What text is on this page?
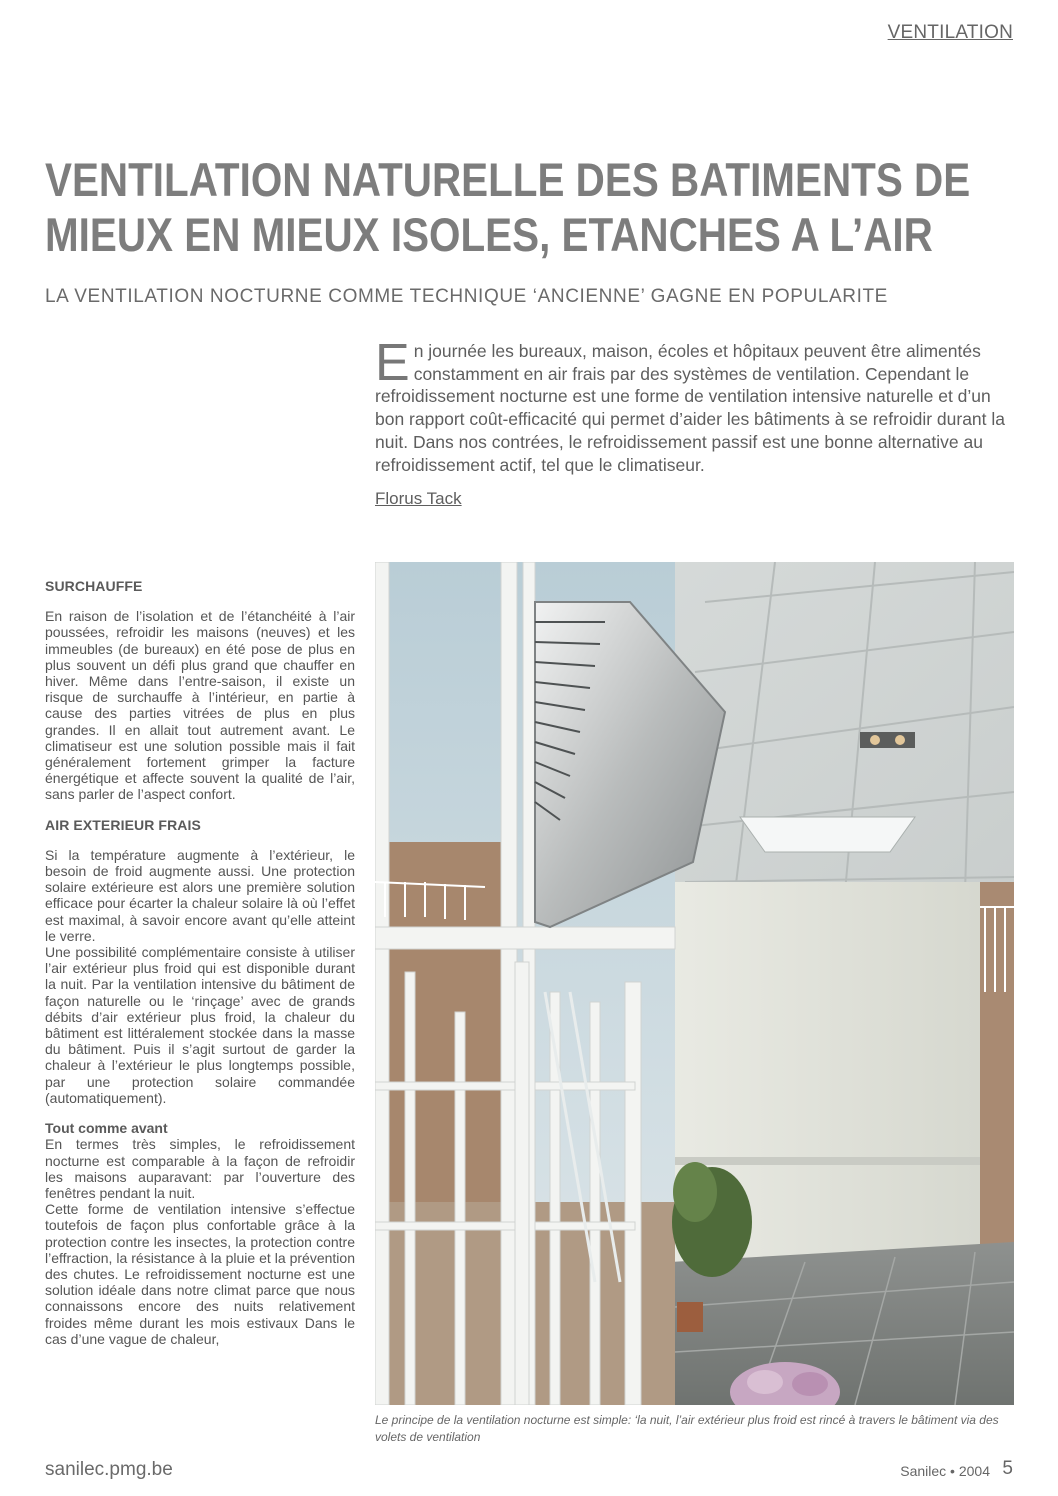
VENTILATION
VENTILATION NATURELLE DES BATIMENTS DE
MIEUX EN MIEUX ISOLES, ETANCHES A L’AIR
LA VENTILATION NOCTURNE COMME TECHNIQUE ‘ANCIENNE’ GAGNE EN POPULARITE
E n journée les bureaux, maison, écoles et hôpitaux peuvent être alimentés constamment en air frais par des systèmes de ventilation. Cependant le refroidissement nocturne est une forme de ventilation intensive naturelle et d’un bon rapport coût-efficacité qui permet d’aider les bâtiments à se refroidir durant la nuit. Dans nos contrées, le refroidissement passif est une bonne alternative au refroidissement actif, tel que le climatiseur.

Florus Tack
SURCHAUFFE

En raison de l’isolation et de l’étanchéité à l’air poussées, refroidir les maisons (neuves) et les immeubles (de bureaux) en été pose de plus en plus souvent un défi plus grand que chauffer en hiver. Même dans l’entre-saison, il existe un risque de surchauffe à l’intérieur, en partie à cause des parties vitrées de plus en plus grandes. Il en allait tout autrement avant. Le climatiseur est une solution possible mais il fait généralement fortement grimper la facture énergétique et affecte souvent la qualité de l’air, sans parler de l’aspect confort.

AIR EXTERIEUR FRAIS

Si la température augmente à l’extérieur, le besoin de froid augmente aussi. Une protection solaire extérieure est alors une première solution efficace pour écarter la chaleur solaire là où l’effet est maximal, à savoir encore avant qu’elle atteint le verre.

Une possibilité complémentaire consiste à utiliser l’air extérieur plus froid qui est disponible durant la nuit. Par la ventilation intensive du bâtiment de façon naturelle ou le ‘rinçage’ avec de grands débits d’air extérieur plus froid, la chaleur du bâtiment est littéralement stockée dans la masse du bâtiment. Puis il s’agit surtout de garder la chaleur à l’extérieur le plus longtemps possible, par une protection solaire commandée (automatiquement).

Tout comme avant

En termes très simples, le refroidissement nocturne est comparable à la façon de refroidir les maisons auparavant: par l’ouverture des fenêtres pendant la nuit.

Cette forme de ventilation intensive s’effectue toutefois de façon plus confortable grâce à la protection contre les insectes, la protection contre l’effraction, la résistance à la pluie et la prévention des chutes. Le refroidissement nocturne est une solution idéale dans notre climat parce que nous connaissons encore des nuits relativement froides même durant les mois estivaux Dans le cas d’une vague de chaleur,

Le principe de la ventilation nocturne est simple: ‘la nuit, l’air extérieur plus froid est rincé à travers le bâtiment via des volets de ventilation
sanilec.pmg.be	Sanilec • 2004 5
